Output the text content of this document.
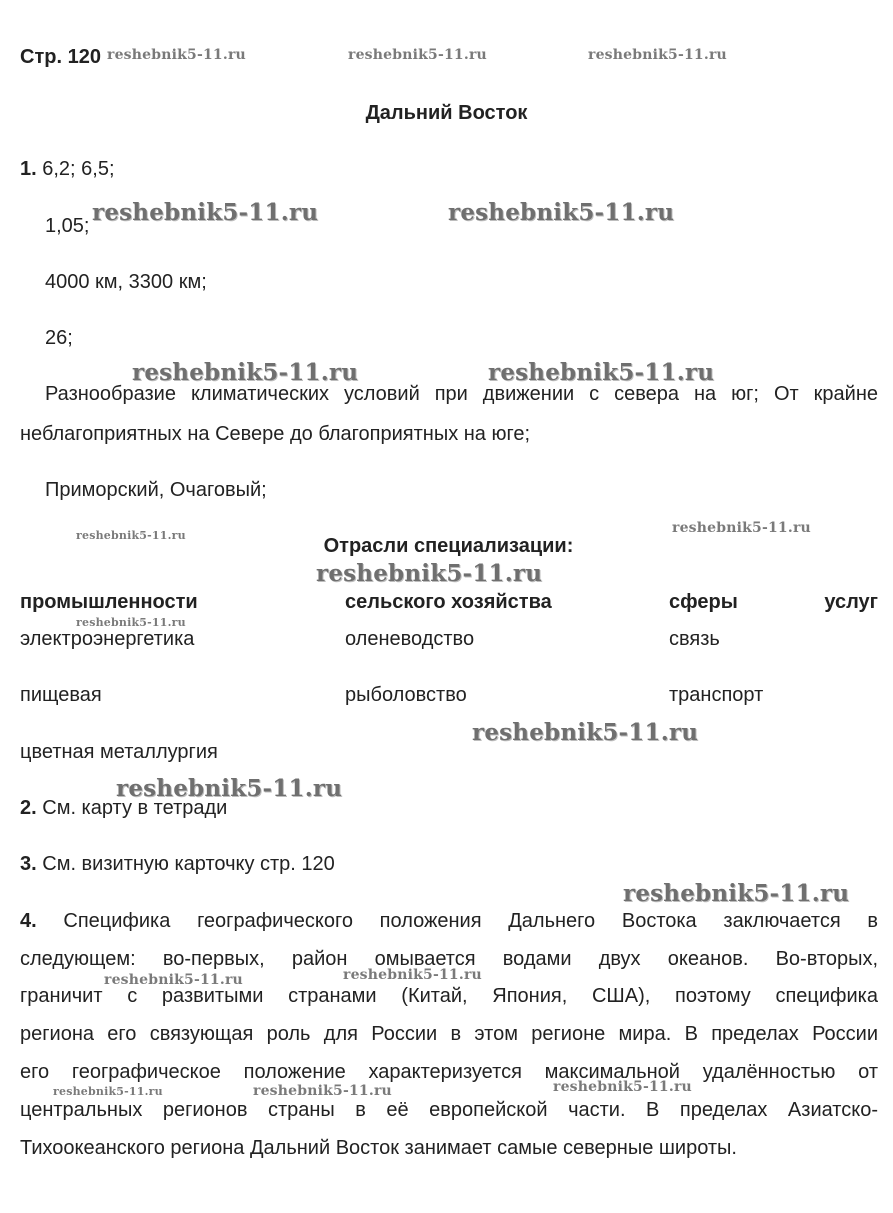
Стр. 120
Дальний Восток
1. 6,2; 6,5;
1,05;
4000 км, 3300 км;
26;
Разнообразие климатических условий при движении с севера на юг; От крайне
неблагоприятных на Севере до благоприятных на юге;
Приморский, Очаговый;
Отрасли специализации:
промышленности	сельского хозяйства	сферы услуг
электроэнергетика	оленеводство	связь
пищевая	рыболовство	транспорт
цветная металлургия
2. См. карту в тетради
3. См. визитную карточку стр. 120
4. Специфика географического положения Дальнего Востока заключается в
следующем: во-первых, район омывается водами двух океанов. Во-вторых,
граничит с развитыми странами (Китай, Япония, США), поэтому специфика
региона его связующая роль для России в этом регионе мира. В пределах России
его географическое положение характеризуется максимальной удалённостью от
центральных регионов страны в её европейской части. В пределах Азиатско-
Тихоокеанского региона Дальний Восток занимает самые северные широты.
reshebnik5-11.ru	reshebnik5-11.ru	reshebnik5-11.ru
reshebnik5-11.ru	reshebnik5-11.ru
reshebnik5-11.ru	reshebnik5-11.ru
reshebnik5-11.ru	reshebnik5-11.ru
reshebnik5-11.ru
reshebnik5-11.ru
reshebnik5-11.ru
reshebnik5-11.ru
reshebnik5-11.ru
reshebnik5-11.ru	reshebnik5-11.ru
reshebnik5-11.ru	reshebnik5-11.ru	reshebnik5-11.ru
